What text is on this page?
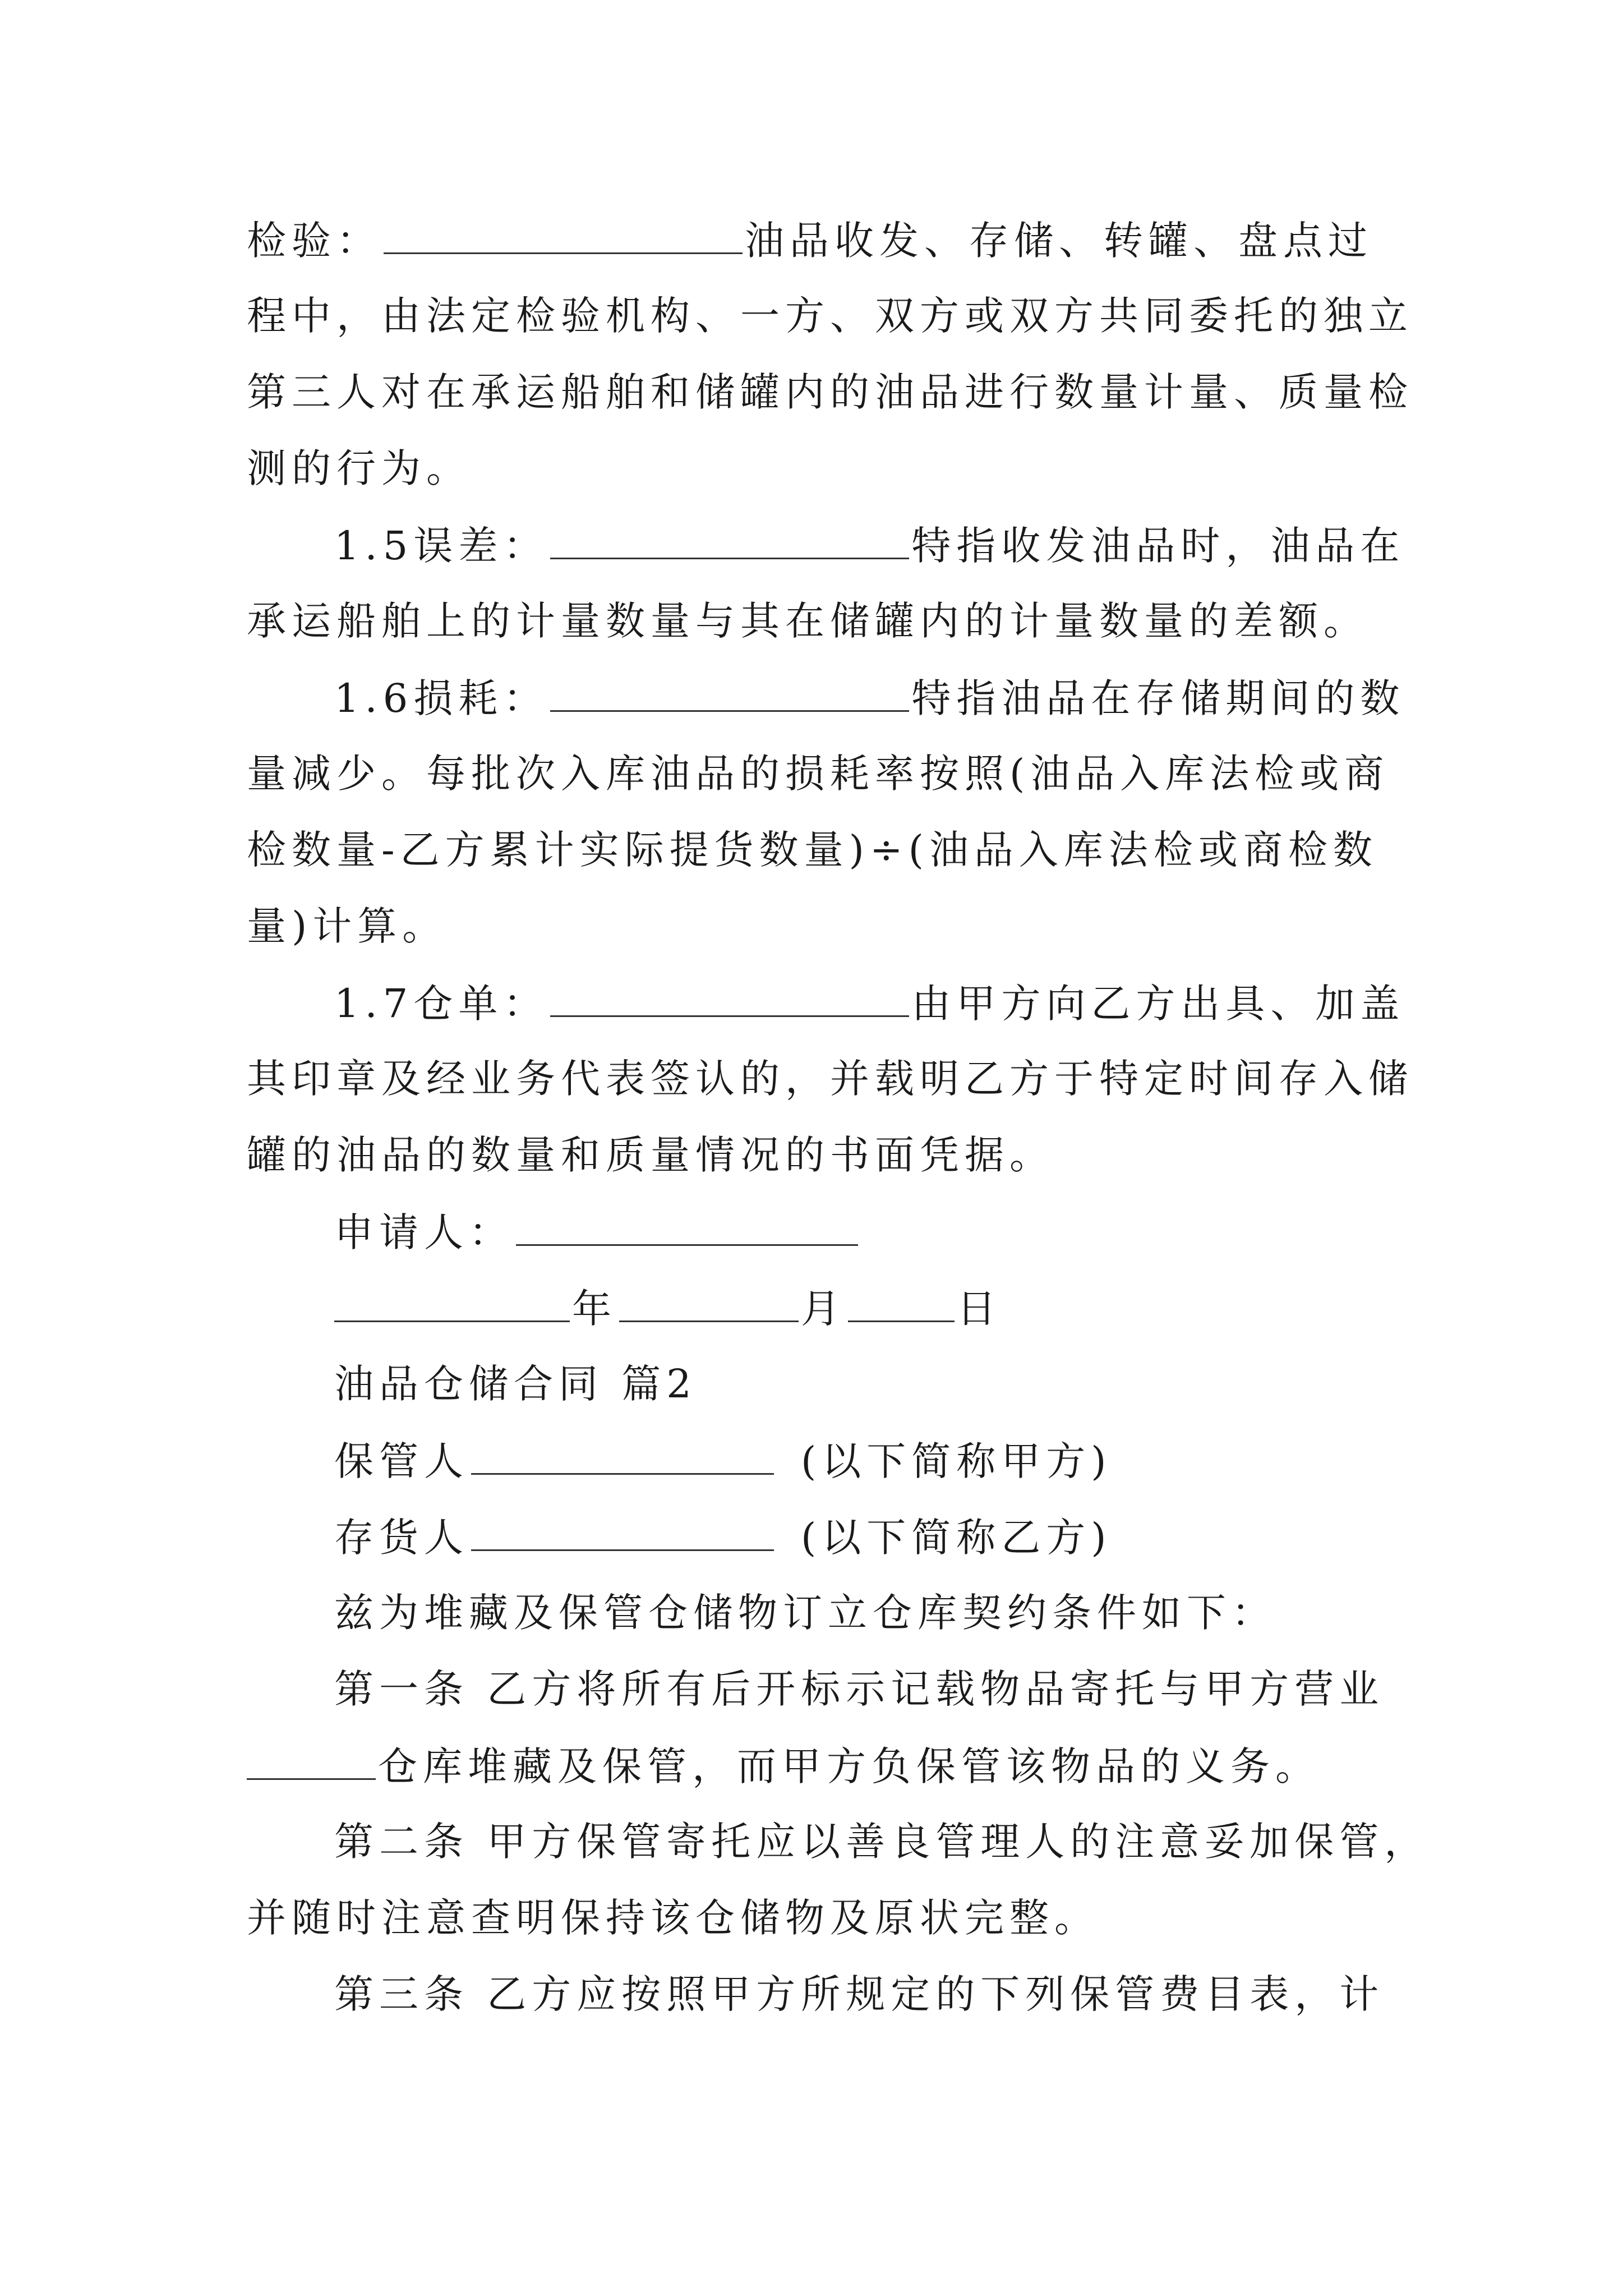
检验：	油品收发、存储、转罐、盘点过
程中，由法定检验机构、一方、双方或双方共同委托的独立
第三人对在承运船舶和储罐内的油品进行数量计量、质量检
测的行为。
1.5误差：	特指收发油品时，油品在
承运船舶上的计量数量与其在储罐内的计量数量的差额。
1.6损耗：	特指油品在存储期间的数
量减少。每批次入库油品的损耗率按照(油品入库法检或商
检数量-乙方累计实际提货数量)÷(油品入库法检或商检数
量)计算。
1.7仓单：	由甲方向乙方出具、加盖
其印章及经业务代表签认的，并载明乙方于特定时间存入储
罐的油品的数量和质量情况的书面凭据。
申请人：
年	月	日
油品仓储合同 篇2
保管人	(以下简称甲方)
存货人	(以下简称乙方)
兹为堆藏及保管仓储物订立仓库契约条件如下：
第一条 乙方将所有后开标示记载物品寄托与甲方营业
仓库堆藏及保管，而甲方负保管该物品的义务。
第二条 甲方保管寄托应以善良管理人的注意妥加保管，
并随时注意查明保持该仓储物及原状完整。
第三条 乙方应按照甲方所规定的下列保管费目表，计
